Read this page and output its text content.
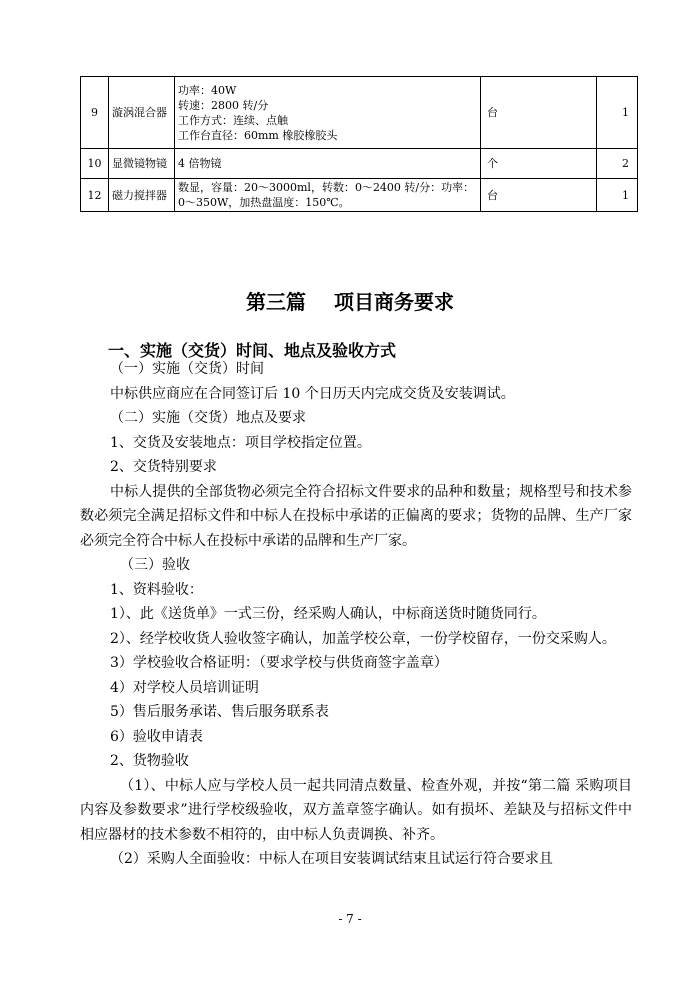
9	漩涡混合器	功率：40W
转速：2800 转/分
工作方式：连续、点触
工作台直径：60mm 橡胶橡胶头	台	1
10	显微镜物镜	4 倍物镜	个	2
12	磁力搅拌器	数显，容量：20～3000ml，转数：0～2400 转/分：功率：0～350W，加热盘温度：150℃。	台	1
第三篇 项目商务要求
一、实施（交货）时间、地点及验收方式

（一）实施（交货）时间

中标供应商应在合同签订后 10 个日历天内完成交货及安装调试。

（二）实施（交货）地点及要求

1、交货及安装地点：项目学校指定位置。

2、交货特别要求

中标人提供的全部货物必须完全符合招标文件要求的品种和数量；规格型号和技术参数必须完全满足招标文件和中标人在投标中承诺的正偏离的要求；货物的品牌、生产厂家必须完全符合中标人在投标中承诺的品牌和生产厂家。

（三）验收

1、资料验收：

1）、此《送货单》一式三份，经采购人确认，中标商送货时随货同行。

2）、经学校收货人验收签字确认，加盖学校公章，一份学校留存，一份交采购人。

3）学校验收合格证明：（要求学校与供货商签字盖章）

4）对学校人员培训证明

5）售后服务承诺、售后服务联系表

6）验收申请表

2、货物验收

（1）、中标人应与学校人员一起共同清点数量、检查外观，并按“第二篇 采购项目内容及参数要求”进行学校级验收，双方盖章签字确认。如有损坏、差缺及与招标文件中相应器材的技术参数不相符的，由中标人负责调换、补齐。

（2）采购人全面验收：中标人在项目安装调试结束且试运行符合要求且

- 7 -
